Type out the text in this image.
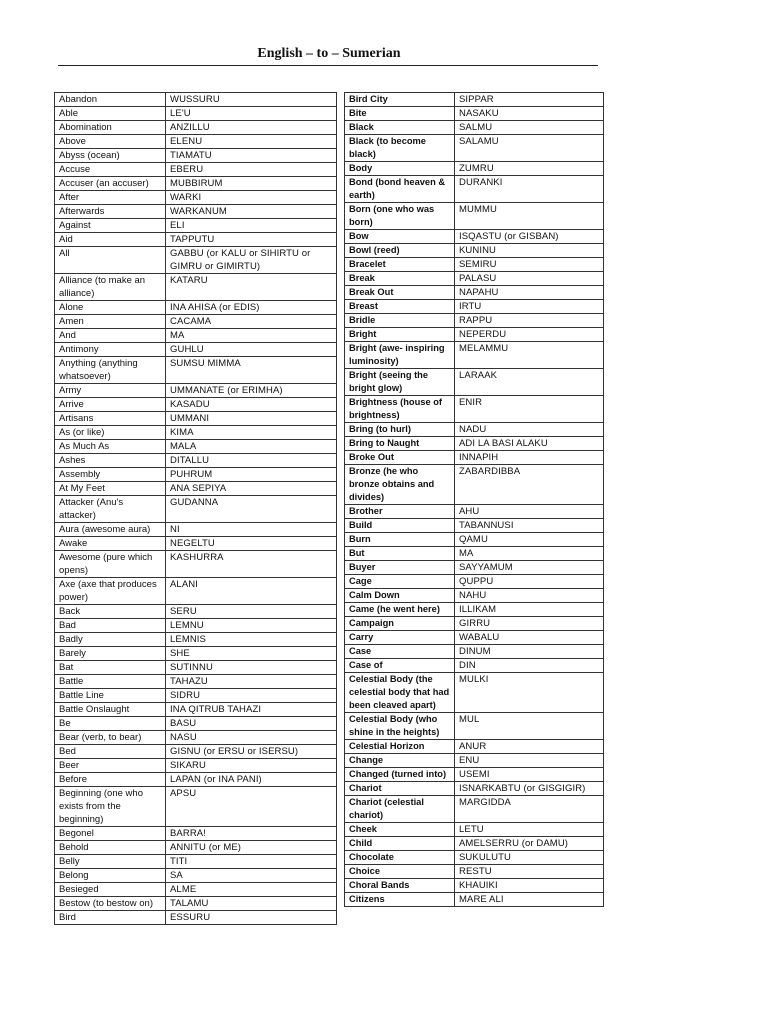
English – to – Sumerian
Abandon	WUSSURU
Able	LE'U
Abomination	ANZILLU
Above	ELENU
Abyss (ocean)	TIAMATU
Accuse	EBERU
Accuser (an accuser)	MUBBIRUM
After	WARKI
Afterwards	WARKANUM
Against	ELI
Aid	TAPPUTU
All	GABBU (or KALU or SIHIRTU or GIMRU or GIMIRTU)
Alliance (to make an alliance)	KATARU
Alone	INA AHISA (or EDIS)
Amen	CACAMA
And	MA
Antimony	GUHLU
Anything (anything whatsoever)	SUMSU MIMMA
Army	UMMANATE (or ERIMHA)
Arrive	KASADU
Artisans	UMMANI
As (or like)	KIMA
As Much As	MALA
Ashes	DITALLU
Assembly	PUHRUM
At My Feet	ANA SEPIYA
Attacker (Anu's attacker)	GUDANNA
Aura (awesome aura)	NI
Awake	NEGELTU
Awesome (pure which opens)	KASHURRA
Axe (axe that produces power)	ALANI
Back	SERU
Bad	LEMNU
Badly	LEMNIS
Barely	SHE
Bat	SUTINNU
Battle	TAHAZU
Battle Line	SIDRU
Battle Onslaught	INA QITRUB TAHAZI
Be	BASU
Bear (verb, to bear)	NASU
Bed	GISNU (or ERSU or ISERSU)
Beer	SIKARU
Before	LAPAN (or INA PANI)
Beginning (one who exists from the beginning)	APSU
Begonel	BARRA!
Behold	ANNITU (or ME)
Belly	TITI
Belong	SA
Besieged	ALME
Bestow (to bestow on)	TALAMU
Bird	ESSURU
Bird City	SIPPAR
Bite	NASAKU
Black	SALMU
Black (to become black)	SALAMU
Body	ZUMRU
Bond (bond heaven & earth)	DURANKI
Born (one who was born)	MUMMU
Bow	ISQASTU (or GISBAN)
Bowl (reed)	KUNINU
Bracelet	SEMIRU
Break	PALASU
Break Out	NAPAHU
Breast	IRTU
Bridle	RAPPU
Bright	NEPERDU
Bright (awe- inspiring luminosity)	MELAMMU
Bright (seeing the bright glow)	LARAAK
Brightness (house of brightness)	ENIR
Bring (to hurl)	NADU
Bring to Naught	ADI LA BASI ALAKU
Broke Out	INNAPIH
Bronze (he who bronze obtains and divides)	ZABARDIBBA
Brother	AHU
Build	TABANNUSI
Burn	QAMU
But	MA
Buyer	SAYYAMUM
Cage	QUPPU
Calm Down	NAHU
Came (he went here)	ILLIKAM
Campaign	GIRRU
Carry	WABALU
Case	DINUM
Case of	DIN
Celestial Body (the celestial body that had been cleaved apart)	MULKI
Celestial Body (who shine in the heights)	MUL
Celestial Horizon	ANUR
Change	ENU
Changed (turned into)	USEMI
Chariot	ISNARKABTU (or GISGIGIR)
Chariot (celestial chariot)	MARGIDDA
Cheek	LETU
Child	AMELSERRU (or DAMU)
Chocolate	SUKULUTU
Choice	RESTU
Choral Bands	KHAUIKI
Citizens	MARE ALI
